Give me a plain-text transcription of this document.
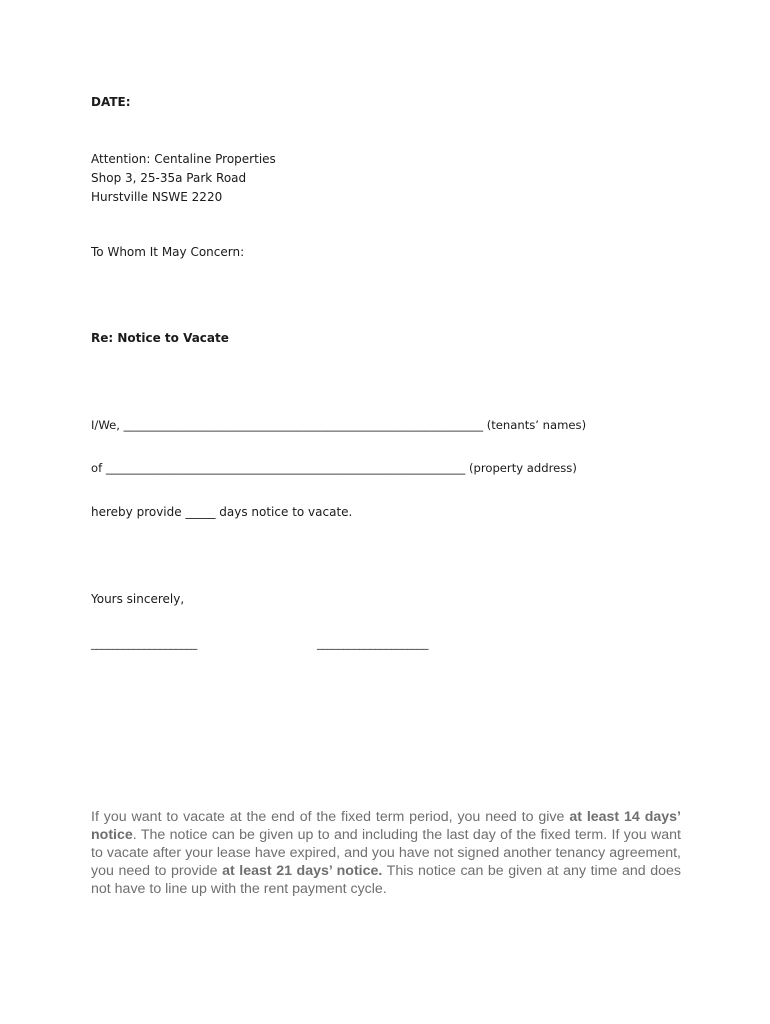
DATE:
Attention: Centaline Properties
Shop 3, 25-35a Park Road
Hurstville NSWE 2220
To Whom It May Concern:
Re: Notice to Vacate
I/We, ______________________________________________________________ (tenants’ names)
of ______________________________________________________________ (property address)
hereby provide _____ days notice to vacate.
Yours sincerely,
____________________	_____________________
If you want to vacate at the end of the fixed term period, you need to give at least 14 days’ notice. The notice can be given up to and including the last day of the fixed term. If you want to vacate after your lease have expired, and you have not signed another tenancy agreement, you need to provide at least 21 days’ notice. This notice can be given at any time and does not have to line up with the rent payment cycle.
